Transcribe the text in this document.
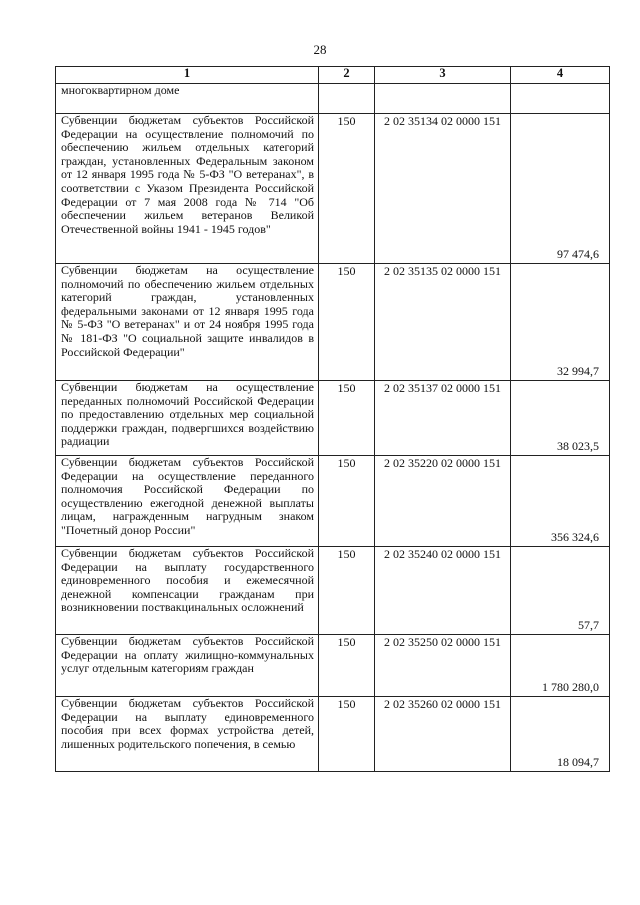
28
1	2	3	4
многоквартирном доме			
Субвенции бюджетам субъектов Российской Федерации на осуществление полномочий по обеспечению жильем отдельных категорий граждан, установленных Федеральным законом от 12 января 1995 года № 5-ФЗ "О ветеранах", в соответствии с Указом Президента Российской Федерации от 7 мая 2008 года № 714 "Об обеспечении жильем ветеранов Великой Отечественной войны 1941 - 1945 годов"	150	2 02 35134 02 0000 151	97 474,6
Субвенции бюджетам на осуществление полномочий по обеспечению жильем отдельных категорий граждан, установленных федеральными законами от 12 января 1995 года № 5-ФЗ "О ветеранах" и от 24 ноября 1995 года № 181-ФЗ "О социальной защите инвалидов в Российской Федерации"	150	2 02 35135 02 0000 151	32 994,7
Субвенции бюджетам на осуществление переданных полномочий Российской Федерации по предоставлению отдельных мер социальной поддержки граждан, подвергшихся воздействию радиации	150	2 02 35137 02 0000 151	38 023,5
Субвенции бюджетам субъектов Российской Федерации на осуществление переданного полномочия Российской Федерации по осуществлению ежегодной денежной выплаты лицам, награжденным нагрудным знаком "Почетный донор России"	150	2 02 35220 02 0000 151	356 324,6
Субвенции бюджетам субъектов Российской Федерации на выплату государственного единовременного пособия и ежемесячной денежной компенсации гражданам при возникновении поствакцинальных осложнений	150	2 02 35240 02 0000 151	57,7
Субвенции бюджетам субъектов Российской Федерации на оплату жилищно-коммунальных услуг отдельным категориям граждан	150	2 02 35250 02 0000 151	1 780 280,0
Субвенции бюджетам субъектов Российской Федерации на выплату единовременного пособия при всех формах устройства детей, лишенных родительского попечения, в семью	150	2 02 35260 02 0000 151	18 094,7
